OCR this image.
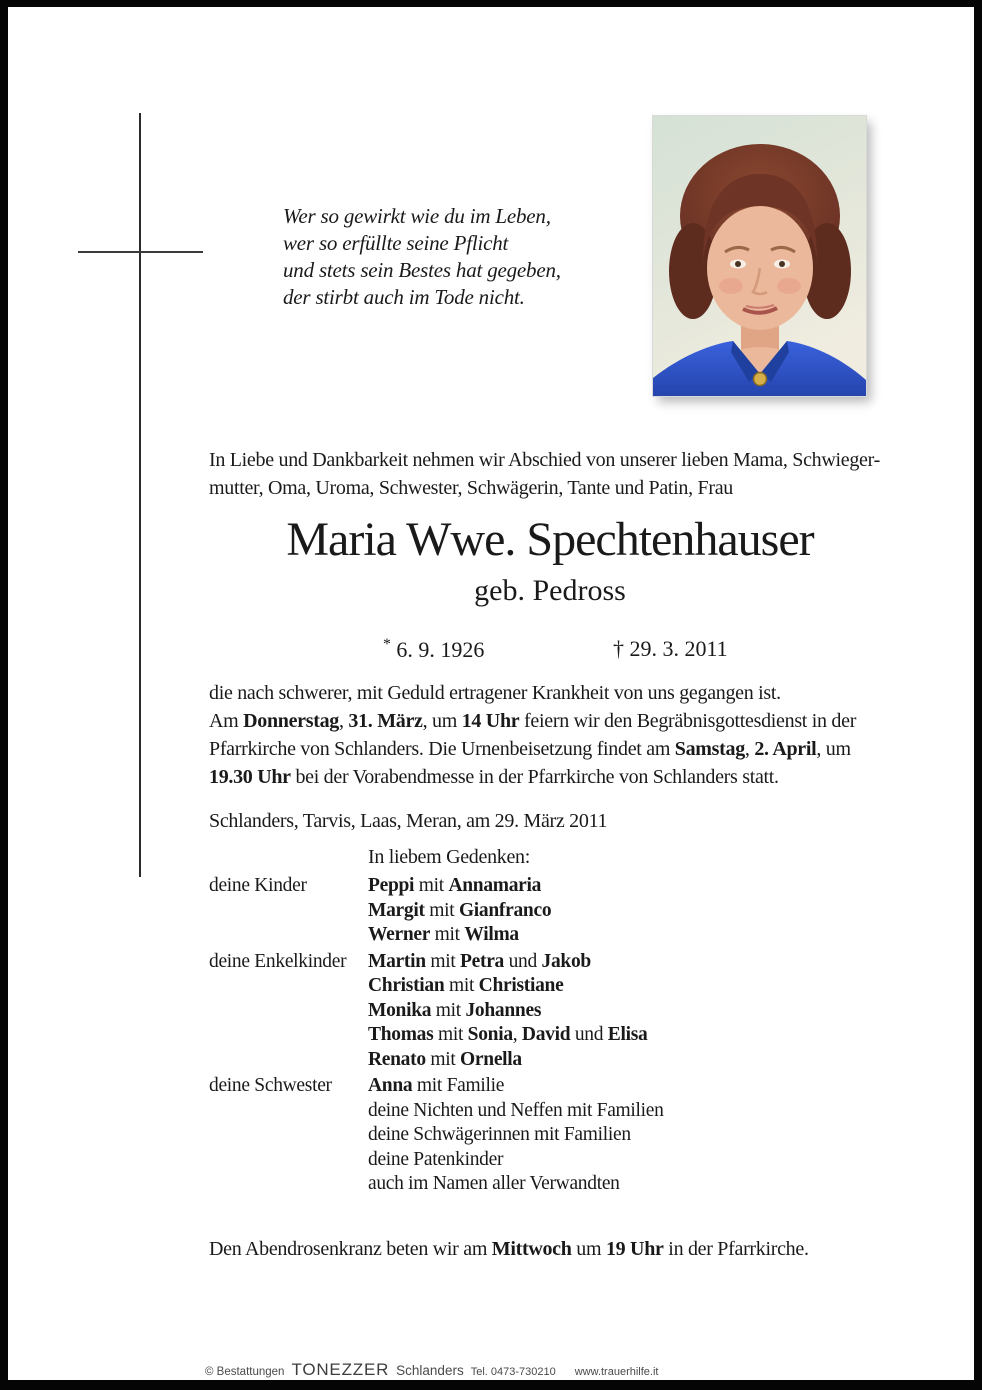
Wer so gewirkt wie du im Leben,
wer so erfüllte seine Pflicht
und stets sein Bestes hat gegeben,
der stirbt auch im Tode nicht.
In Liebe und Dankbarkeit nehmen wir Abschied von unserer lieben Mama, Schwieger-
mutter, Oma, Uroma, Schwester, Schwägerin, Tante und Patin, Frau
Maria Wwe. Spechtenhauser
geb. Pedross
* 6. 9. 1926	† 29. 3. 2011
die nach schwerer, mit Geduld ertragener Krankheit von uns gegangen ist.
Am Donnerstag, 31. März, um 14 Uhr feiern wir den Begräbnisgottesdienst in der
Pfarrkirche von Schlanders. Die Urnenbeisetzung findet am Samstag, 2. April, um
19.30 Uhr bei der Vorabendmesse in der Pfarrkirche von Schlanders statt.
Schlanders, Tarvis, Laas, Meran, am 29. März 2011
In liebem Gedenken:
deine Kinder	Peppi mit Annamaria
Margit mit Gianfranco
Werner mit Wilma
deine Enkelkinder	Martin mit Petra und Jakob
Christian mit Christiane
Monika mit Johannes
Thomas mit Sonia, David und Elisa
Renato mit Ornella
deine Schwester	Anna mit Familie
deine Nichten und Neffen mit Familien
deine Schwägerinnen mit Familien
deine Patenkinder
auch im Namen aller Verwandten
Den Abendrosenkranz beten wir am Mittwoch um 19 Uhr in der Pfarrkirche.
© Bestattungen TONEZZER Schlanders Tel. 0473-730210 www.trauerhilfe.it
